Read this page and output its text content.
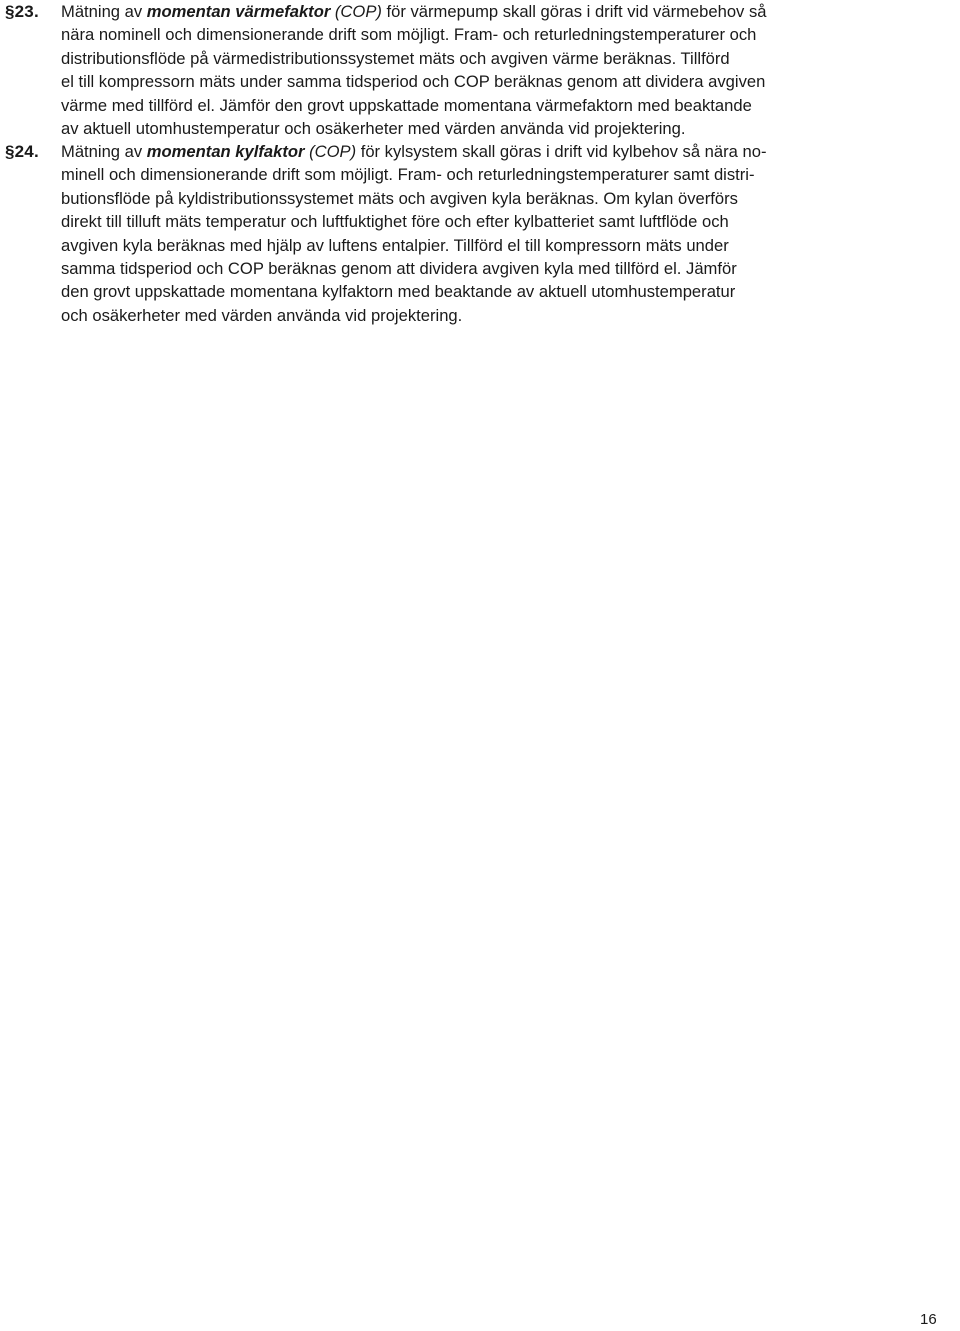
§23. Mätning av momentan värmefaktor (COP) för värmepump skall göras i drift vid värmebehov så
nära nominell och dimensionerande drift som möjligt. Fram- och returledningstemperaturer och
distributionsflöde på värmedistributionssystemet mäts och avgiven värme beräknas. Tillförd
el till kompressorn mäts under samma tidsperiod och COP beräknas genom att dividera avgiven
värme med tillförd el. Jämför den grovt uppskattade momentana värmefaktorn med beaktande
av aktuell utomhustemperatur och osäkerheter med värden använda vid projektering.
§24. Mätning av momentan kylfaktor (COP) för kylsystem skall göras i drift vid kylbehov så nära no-
minell och dimensionerande drift som möjligt. Fram- och returledningstemperaturer samt distri-
butionsflöde på kyldistributionssystemet mäts och avgiven kyla beräknas. Om kylan överförs
direkt till tilluft mäts temperatur och luftfuktighet före och efter kylbatteriet samt luftflöde och
avgiven kyla beräknas med hjälp av luftens entalpier. Tillförd el till kompressorn mäts under
samma tidsperiod och COP beräknas genom att dividera avgiven kyla med tillförd el. Jämför
den grovt uppskattade momentana kylfaktorn med beaktande av aktuell utomhustemperatur
och osäkerheter med värden använda vid projektering.
16
